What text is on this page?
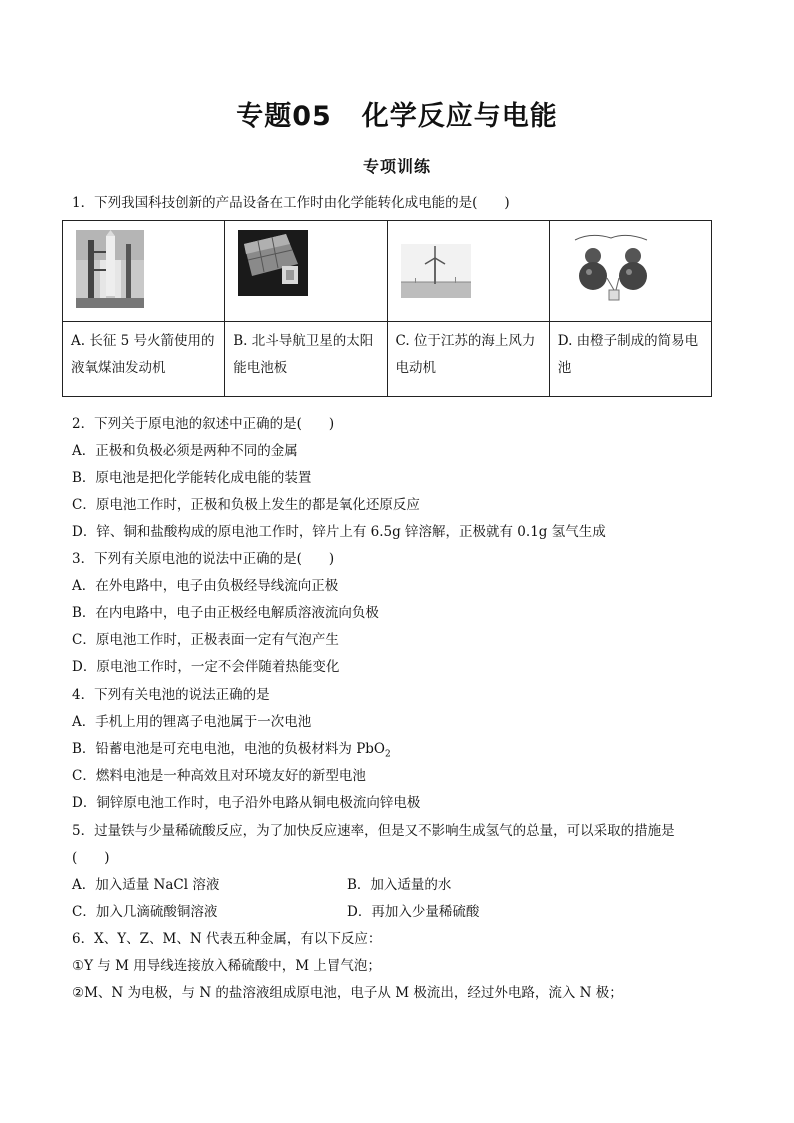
专题05 化学反应与电能
专项训练
1．下列我国科技创新的产品设备在工作时由化学能转化成电能的是(　　)

A. 长征 5 号火箭使用的液氧煤油发动机	B. 北斗导航卫星的太阳能电池板	C. 位于江苏的海上风力电动机	D. 由橙子制成的简易电池
2．下列关于原电池的叙述中正确的是(　　)
A．正极和负极必须是两种不同的金属
B．原电池是把化学能转化成电能的装置
C．原电池工作时，正极和负极上发生的都是氧化还原反应
D．锌、铜和盐酸构成的原电池工作时，锌片上有 6.5g 锌溶解，正极就有 0.1g 氢气生成
3．下列有关原电池的说法中正确的是(　　)
A．在外电路中，电子由负极经导线流向正极
B．在内电路中，电子由正极经电解质溶液流向负极
C．原电池工作时，正极表面一定有气泡产生
D．原电池工作时，一定不会伴随着热能变化
4．下列有关电池的说法正确的是
A．手机上用的锂离子电池属于一次电池
B．铅蓄电池是可充电电池，电池的负极材料为 PbO$_2$
C．燃料电池是一种高效且对环境友好的新型电池
D．铜锌原电池工作时，电子沿外电路从铜电极流向锌电极
5．过量铁与少量稀硫酸反应，为了加快反应速率，但是又不影响生成氢气的总量，可以采取的措施是
(　　)
A．加入适量 NaCl 溶液	B．加入适量的水
C．加入几滴硫酸铜溶液	D．再加入少量稀硫酸
6．X、Y、Z、M、N 代表五种金属，有以下反应：
①Y 与 M 用导线连接放入稀硫酸中，M 上冒气泡；
②M、N 为电极，与 N 的盐溶液组成原电池，电子从 M 极流出，经过外电路，流入 N 极；
